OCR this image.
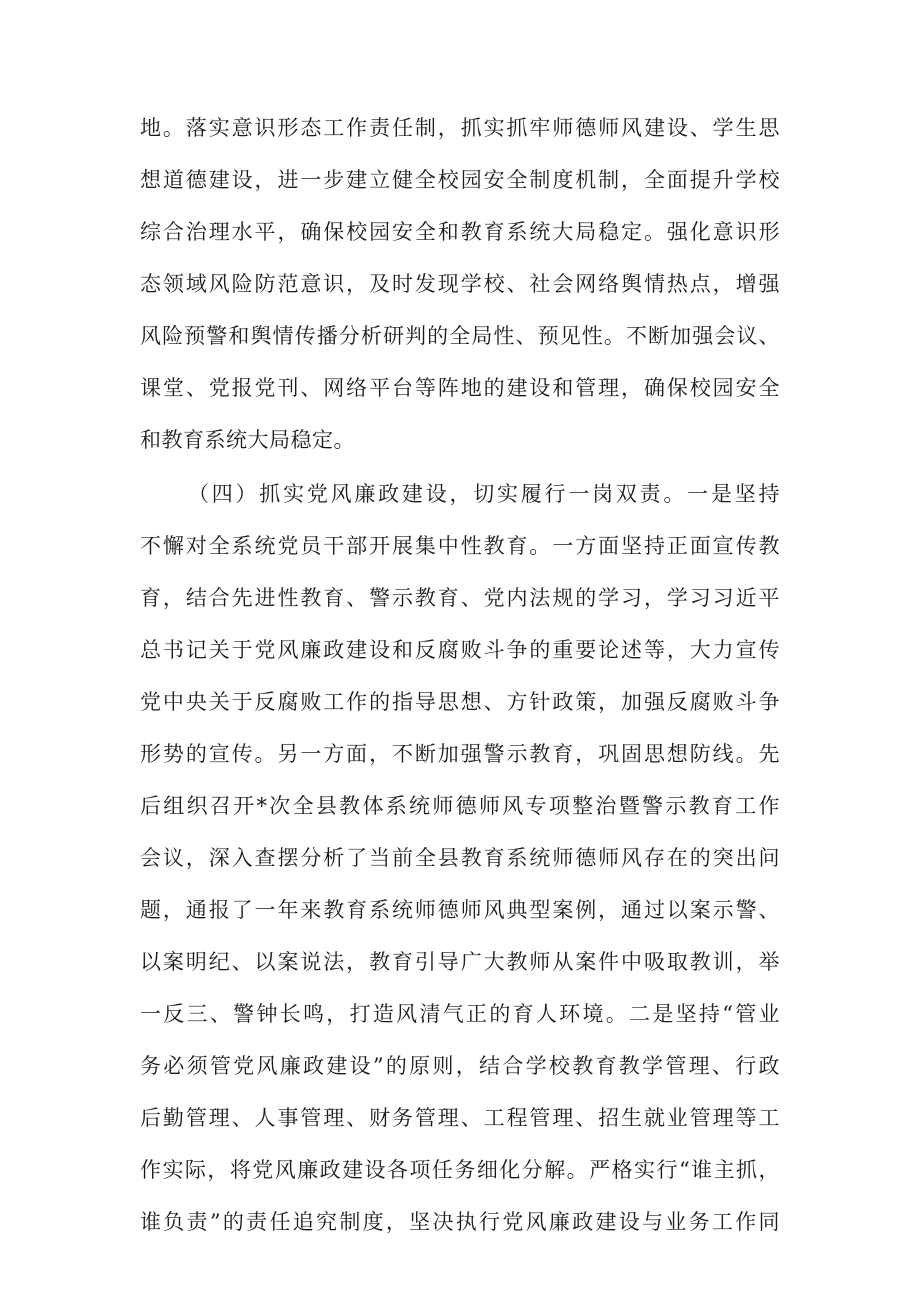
地。落实意识形态工作责任制，抓实抓牢师德师风建设、学生思
想道德建设，进一步建立健全校园安全制度机制，全面提升学校
综合治理水平，确保校园安全和教育系统大局稳定。强化意识形
态领域风险防范意识，及时发现学校、社会网络舆情热点，增强
风险预警和舆情传播分析研判的全局性、预见性。不断加强会议、
课堂、党报党刊、网络平台等阵地的建设和管理，确保校园安全
和教育系统大局稳定。
（四）抓实党风廉政建设，切实履行一岗双责。一是坚持
不懈对全系统党员干部开展集中性教育。一方面坚持正面宣传教
育，结合先进性教育、警示教育、党内法规的学习，学习习近平
总书记关于党风廉政建设和反腐败斗争的重要论述等，大力宣传
党中央关于反腐败工作的指导思想、方针政策，加强反腐败斗争
形势的宣传。另一方面，不断加强警示教育，巩固思想防线。先
后组织召开*次全县教体系统师德师风专项整治暨警示教育工作
会议，深入查摆分析了当前全县教育系统师德师风存在的突出问
题，通报了一年来教育系统师德师风典型案例，通过以案示警、
以案明纪、以案说法，教育引导广大教师从案件中吸取教训，举
一反三、警钟长鸣，打造风清气正的育人环境。二是坚持“管业
务必须管党风廉政建设”的原则，结合学校教育教学管理、行政
后勤管理、人事管理、财务管理、工程管理、招生就业管理等工
作实际，将党风廉政建设各项任务细化分解。严格实行“谁主抓，
谁负责”的责任追究制度，坚决执行党风廉政建设与业务工作同
